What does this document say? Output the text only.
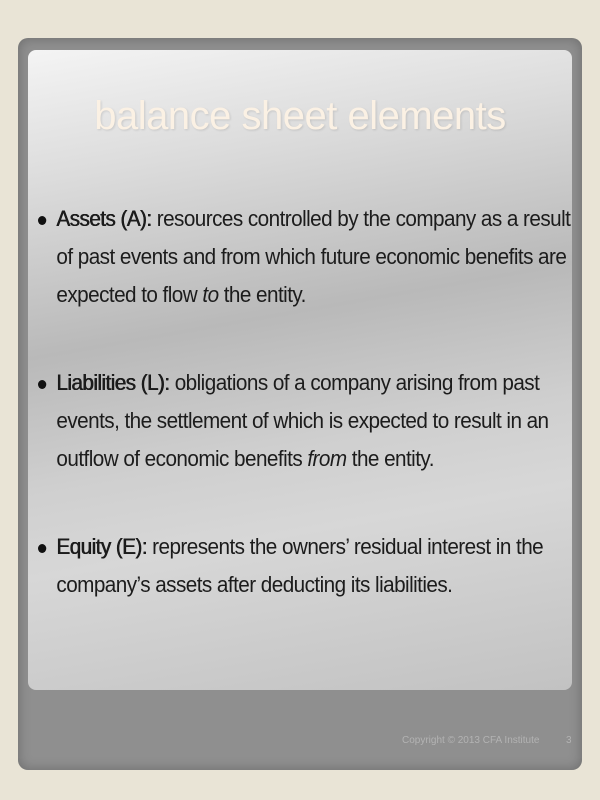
balance sheet elements
Assets (A): resources controlled by the company as a result of past events and from which future economic benefits are expected to flow to the entity.
Liabilities (L): obligations of a company arising from past events, the settlement of which is expected to result in an outflow of economic benefits from the entity.
Equity (E): represents the owners’ residual interest in the company’s assets after deducting its liabilities.
Copyright © 2013 CFA Institute	3
